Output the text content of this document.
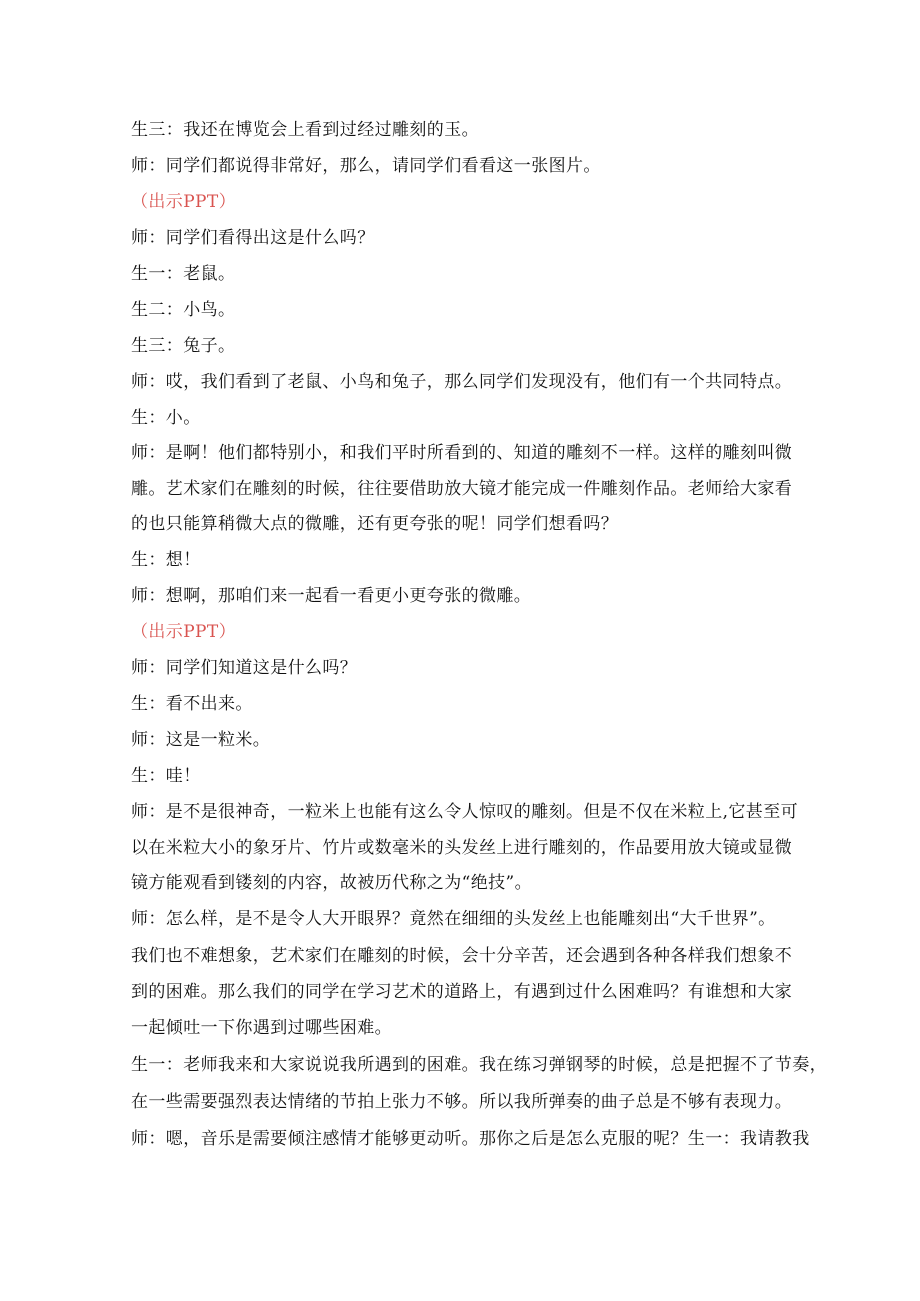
生三：我还在博览会上看到过经过雕刻的玉。
师：同学们都说得非常好，那么，请同学们看看这一张图片。
（出示PPT）
师：同学们看得出这是什么吗？
生一：老鼠。
生二：小鸟。
生三：兔子。
师：哎，我们看到了老鼠、小鸟和兔子，那么同学们发现没有，他们有一个共同特点。
生：小。
师：是啊！他们都特别小，和我们平时所看到的、知道的雕刻不一样。这样的雕刻叫微
雕。艺术家们在雕刻的时候，往往要借助放大镜才能完成一件雕刻作品。老师给大家看
的也只能算稍微大点的微雕，还有更夸张的呢！同学们想看吗？
生：想！
师：想啊，那咱们来一起看一看更小更夸张的微雕。
（出示PPT）
师：同学们知道这是什么吗？
生：看不出来。
师：这是一粒米。
生：哇！
师：是不是很神奇，一粒米上也能有这么令人惊叹的雕刻。但是不仅在米粒上,它甚至可
以在米粒大小的象牙片、竹片或数毫米的头发丝上进行雕刻的，作品要用放大镜或显微
镜方能观看到镂刻的内容，故被历代称之为“绝技”。
师：怎么样，是不是令人大开眼界？竟然在细细的头发丝上也能雕刻出“大千世界”。
我们也不难想象，艺术家们在雕刻的时候，会十分辛苦，还会遇到各种各样我们想象不
到的困难。那么我们的同学在学习艺术的道路上，有遇到过什么困难吗？有谁想和大家
一起倾吐一下你遇到过哪些困难。
生一：老师我来和大家说说我所遇到的困难。我在练习弹钢琴的时候，总是把握不了节奏，
在一些需要强烈表达情绪的节拍上张力不够。所以我所弹奏的曲子总是不够有表现力。
师：嗯，音乐是需要倾注感情才能够更动听。那你之后是怎么克服的呢？生一：我请教我
